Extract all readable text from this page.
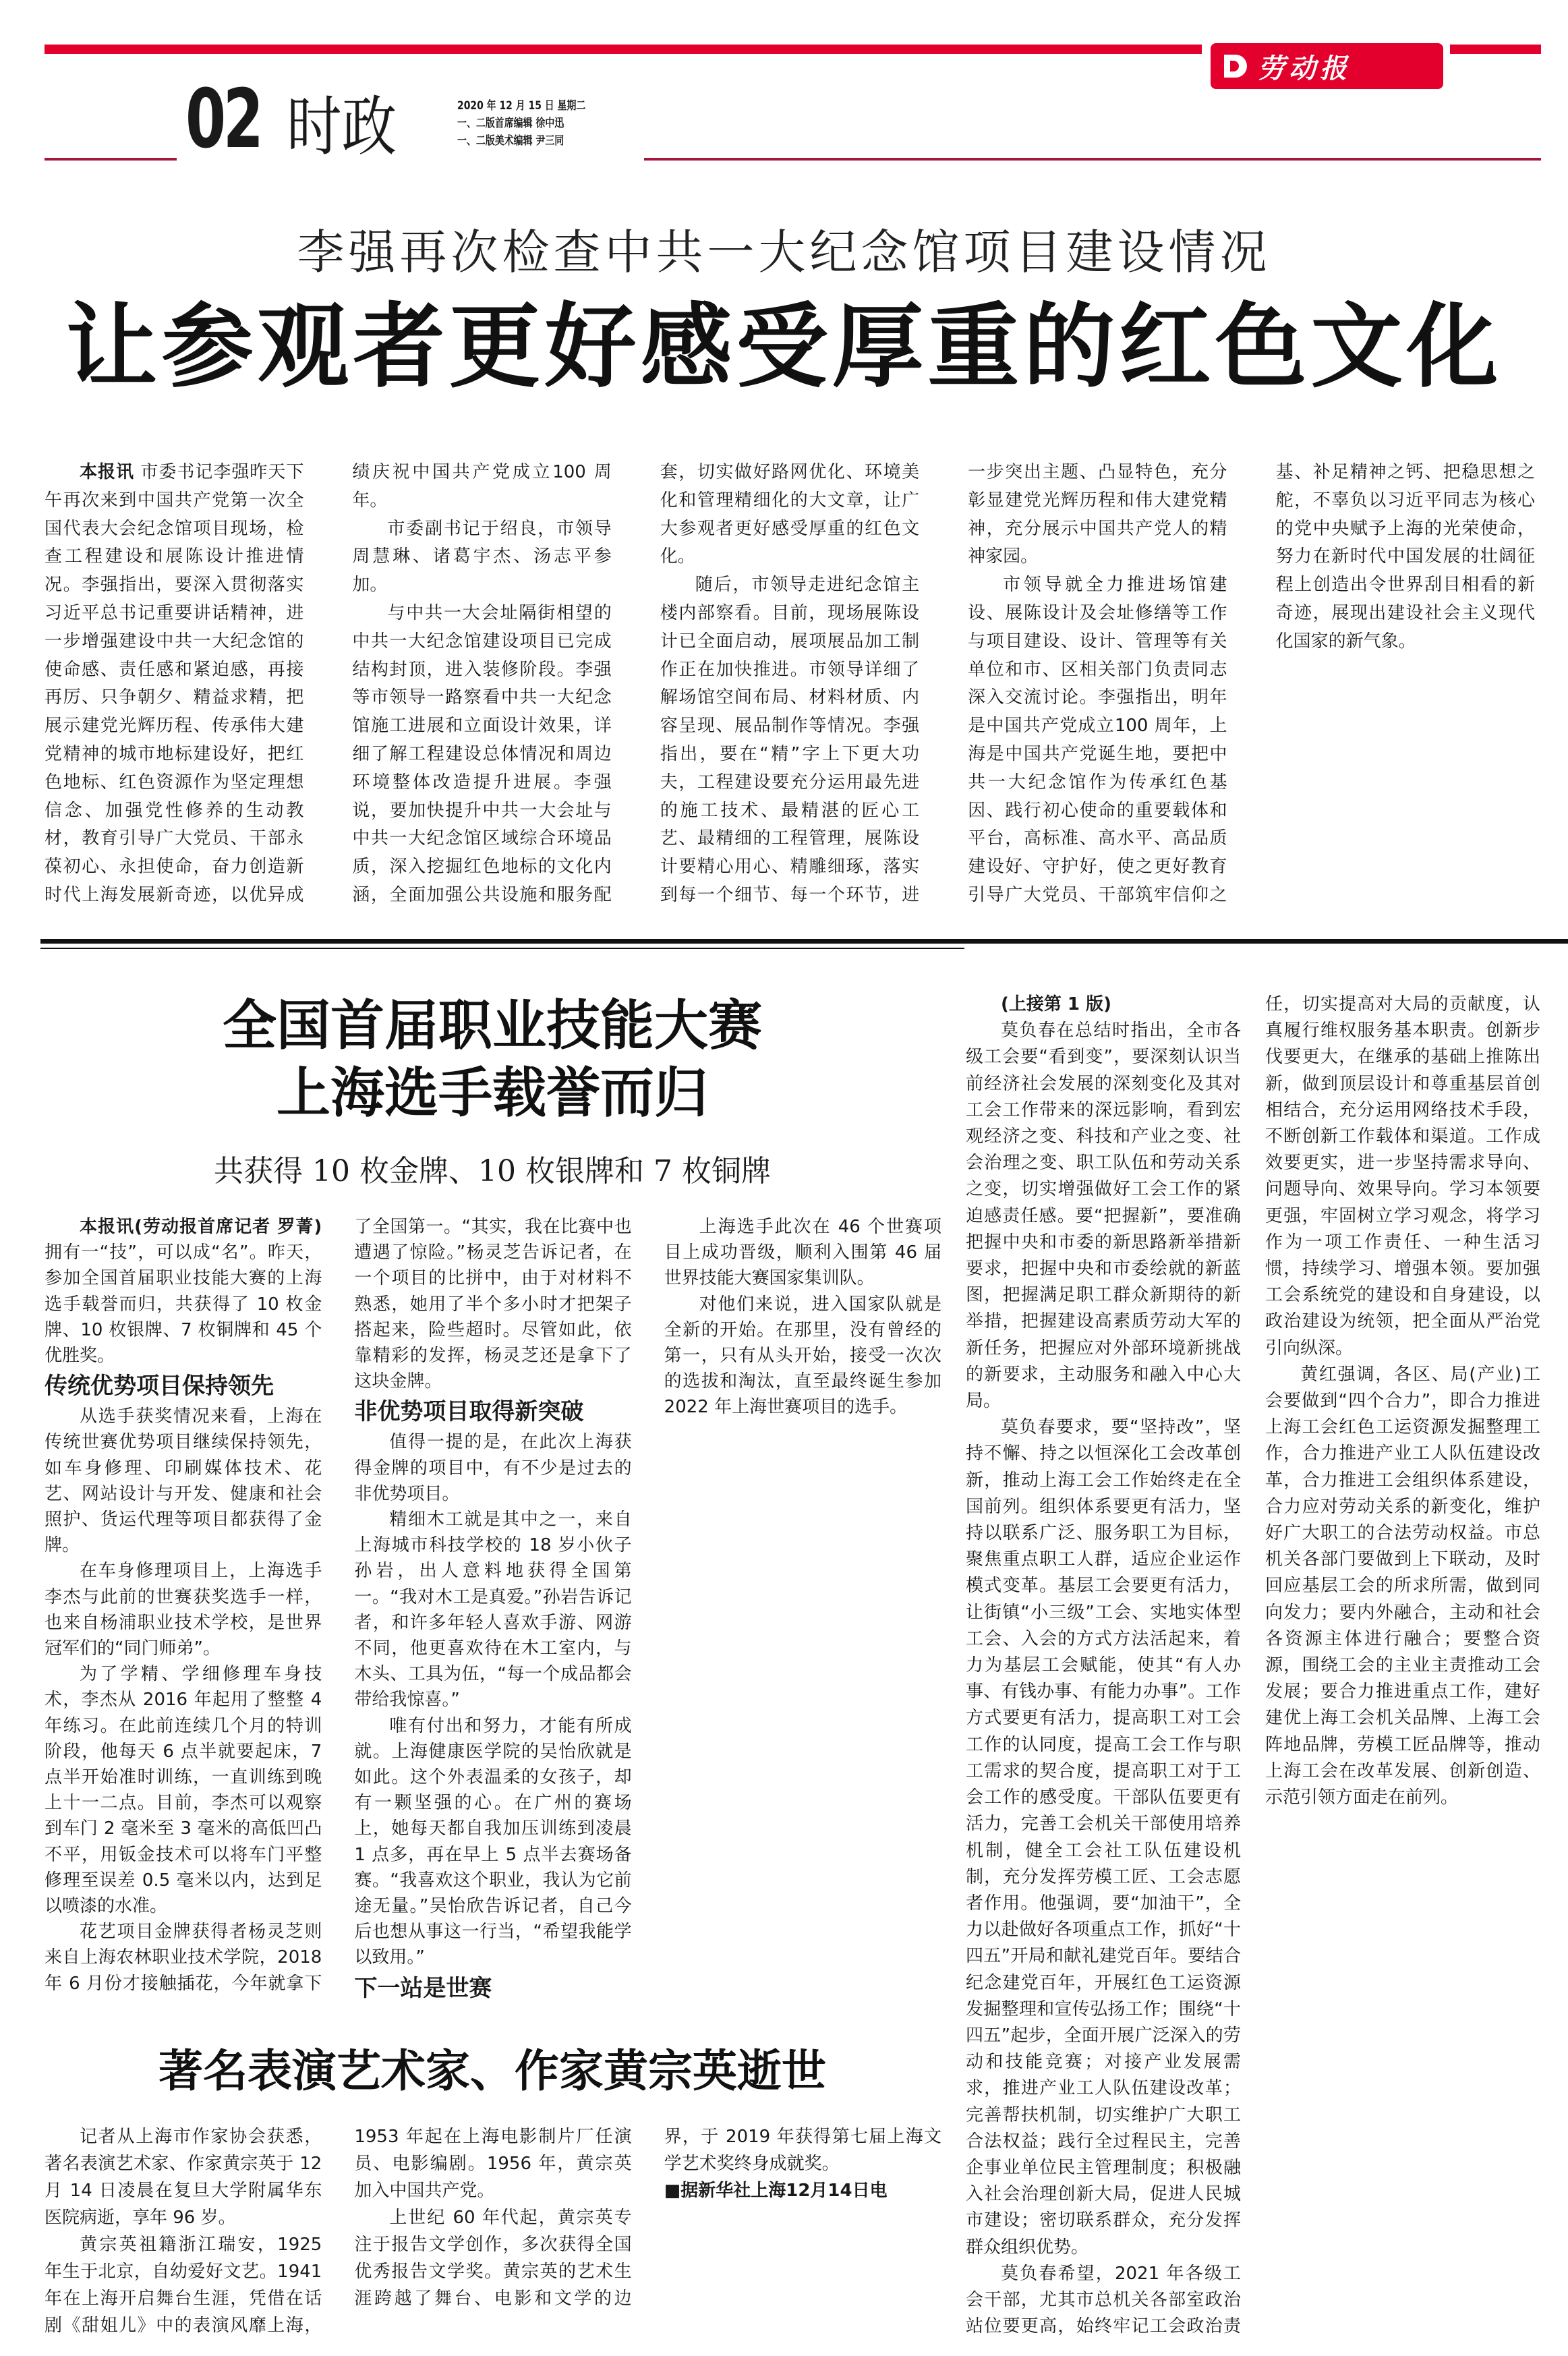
劳动报
02 时政	2020 年 12 月 15 日 星期二
一、二版首席编辑 徐中迅
一、二版美术编辑 尹三同
李强再次检查中共一大纪念馆项目建设情况
让参观者更好感受厚重的红色文化

本报讯 市委书记李强昨天下午再次来到中国共产党第一次全国代表大会纪念馆项目现场，检查工程建设和展陈设计推进情况。李强指出，要深入贯彻落实习近平总书记重要讲话精神，进一步增强建设中共一大纪念馆的使命感、责任感和紧迫感，再接再厉、只争朝夕、精益求精，把展示建党光辉历程、传承伟大建党精神的城市地标建设好，把红色地标、红色资源作为坚定理想信念、加强党性修养的生动教材，教育引导广大党员、干部永葆初心、永担使命，奋力创造新时代上海发展新奇迹，以优异成绩庆祝中国共产党成立100 周年。

市委副书记于绍良，市领导周慧琳、诸葛宇杰、汤志平参加。

与中共一大会址隔街相望的中共一大纪念馆建设项目已完成结构封顶，进入装修阶段。李强等市领导一路察看中共一大纪念馆施工进展和立面设计效果，详细了解工程建设总体情况和周边环境整体改造提升进展。李强说，要加快提升中共一大会址与中共一大纪念馆区域综合环境品质，深入挖掘红色地标的文化内涵，全面加强公共设施和服务配套，切实做好路网优化、环境美化和管理精细化的大文章，让广大参观者更好感受厚重的红色文化。

随后，市领导走进纪念馆主楼内部察看。目前，现场展陈设计已全面启动，展项展品加工制作正在加快推进。市领导详细了解场馆空间布局、材料材质、内容呈现、展品制作等情况。李强指出，要在“精”字上下更大功夫，工程建设要充分运用最先进的施工技术、最精湛的匠心工艺、最精细的工程管理，展陈设计要精心用心、精雕细琢，落实到每一个细节、每一个环节，进一步突出主题、凸显特色，充分彰显建党光辉历程和伟大建党精神，充分展示中国共产党人的精神家园。

市领导就全力推进场馆建设、展陈设计及会址修缮等工作与项目建设、设计、管理等有关单位和市、区相关部门负责同志深入交流讨论。李强指出，明年是中国共产党成立100 周年，上海是中国共产党诞生地，要把中共一大纪念馆作为传承红色基因、践行初心使命的重要载体和平台，高标准、高水平、高品质建设好、守护好，使之更好教育引导广大党员、干部筑牢信仰之基、补足精神之钙、把稳思想之舵，不辜负以习近平同志为核心的党中央赋予上海的光荣使命，努力在新时代中国发展的壮阔征程上创造出令世界刮目相看的新奇迹，展现出建设社会主义现代化国家的新气象。

全国首届职业技能大赛
上海选手载誉而归
共获得 10 枚金牌、10 枚银牌和 7 枚铜牌

本报讯(劳动报首席记者 罗菁)拥有一“技”，可以成“名”。昨天，参加全国首届职业技能大赛的上海选手载誉而归，共获得了 10 枚金牌、10 枚银牌、7 枚铜牌和 45 个优胜奖。

传统优势项目保持领先

从选手获奖情况来看，上海在传统世赛优势项目继续保持领先，如车身修理、印刷媒体技术、花艺、网站设计与开发、健康和社会照护、货运代理等项目都获得了金牌。

在车身修理项目上，上海选手李杰与此前的世赛获奖选手一样，也来自杨浦职业技术学校，是世界冠军们的“同门师弟”。

为了学精、学细修理车身技术，李杰从 2016 年起用了整整 4 年练习。在此前连续几个月的特训阶段，他每天 6 点半就要起床，7 点半开始准时训练，一直训练到晚上十一二点。目前，李杰可以观察到车门 2 毫米至 3 毫米的高低凹凸不平，用钣金技术可以将车门平整修理至误差 0.5 毫米以内，达到足以喷漆的水准。

花艺项目金牌获得者杨灵芝则来自上海农林职业技术学院，2018 年 6 月份才接触插花，今年就拿下了全国第一。“其实，我在比赛中也遭遇了惊险。”杨灵芝告诉记者，在一个项目的比拼中，由于对材料不熟悉，她用了半个多小时才把架子搭起来，险些超时。尽管如此，依靠精彩的发挥，杨灵芝还是拿下了这块金牌。

非优势项目取得新突破

值得一提的是，在此次上海获得金牌的项目中，有不少是过去的非优势项目。

精细木工就是其中之一，来自上海城市科技学校的 18 岁小伙子孙岩，出人意料地获得全国第一。“我对木工是真爱。”孙岩告诉记者，和许多年轻人喜欢手游、网游不同，他更喜欢待在木工室内，与木头、工具为伍，“每一个成品都会带给我惊喜。”

唯有付出和努力，才能有所成就。上海健康医学院的吴怡欣就是如此。这个外表温柔的女孩子，却有一颗坚强的心。在广州的赛场上，她每天都自我加压训练到凌晨 1 点多，再在早上 5 点半去赛场备赛。“我喜欢这个职业，我认为它前途无量。”吴怡欣告诉记者，自己今后也想从事这一行当，“希望我能学以致用。”

下一站是世赛

上海选手此次在 46 个世赛项目上成功晋级，顺利入围第 46 届世界技能大赛国家集训队。

对他们来说，进入国家队就是全新的开始。在那里，没有曾经的第一，只有从头开始，接受一次次的选拔和淘汰，直至最终诞生参加 2022 年上海世赛项目的选手。

著名表演艺术家、作家黄宗英逝世

记者从上海市作家协会获悉，著名表演艺术家、作家黄宗英于 12 月 14 日凌晨在复旦大学附属华东医院病逝，享年 96 岁。

黄宗英祖籍浙江瑞安，1925 年生于北京，自幼爱好文艺。1941 年在上海开启舞台生涯，凭借在话剧《甜姐儿》中的表演风靡上海，1953 年起在上海电影制片厂任演员、电影编剧。1956 年，黄宗英加入中国共产党。

上世纪 60 年代起，黄宗英专注于报告文学创作，多次获得全国优秀报告文学奖。黄宗英的艺术生涯跨越了舞台、电影和文学的边界，于 2019 年获得第七届上海文学艺术奖终身成就奖。

■据新华社上海12月14日电

(上接第 1 版)

莫负春在总结时指出，全市各级工会要“看到变”，要深刻认识当前经济社会发展的深刻变化及其对工会工作带来的深远影响，看到宏观经济之变、科技和产业之变、社会治理之变、职工队伍和劳动关系之变，切实增强做好工会工作的紧迫感责任感。要“把握新”，要准确把握中央和市委的新思路新举措新要求，把握中央和市委绘就的新蓝图，把握满足职工群众新期待的新举措，把握建设高素质劳动大军的新任务，把握应对外部环境新挑战的新要求，主动服务和融入中心大局。

莫负春要求，要“坚持改”，坚持不懈、持之以恒深化工会改革创新，推动上海工会工作始终走在全国前列。组织体系要更有活力，坚持以联系广泛、服务职工为目标，聚焦重点职工人群，适应企业运作模式变革。基层工会要更有活力，让街镇“小三级”工会、实地实体型工会、入会的方式方法活起来，着力为基层工会赋能，使其“有人办事、有钱办事、有能力办事”。工作方式要更有活力，提高职工对工会工作的认同度，提高工会工作与职工需求的契合度，提高职工对于工会工作的感受度。干部队伍要更有活力，完善工会机关干部使用培养机制，健全工会社工队伍建设机制，充分发挥劳模工匠、工会志愿者作用。他强调，要“加油干”，全力以赴做好各项重点工作，抓好“十四五”开局和献礼建党百年。要结合纪念建党百年，开展红色工运资源发掘整理和宣传弘扬工作；围绕“十四五”起步，全面开展广泛深入的劳动和技能竞赛；对接产业发展需求，推进产业工人队伍建设改革；完善帮扶机制，切实维护广大职工合法权益；践行全过程民主，完善企事业单位民主管理制度；积极融入社会治理创新大局，促进人民城市建设；密切联系群众，充分发挥群众组织优势。

莫负春希望，2021 年各级工会干部，尤其市总机关各部室政治站位要更高，始终牢记工会政治责任，切实提高对大局的贡献度，认真履行维权服务基本职责。创新步伐要更大，在继承的基础上推陈出新，做到顶层设计和尊重基层首创相结合，充分运用网络技术手段，不断创新工作载体和渠道。工作成效要更实，进一步坚持需求导向、问题导向、效果导向。学习本领要更强，牢固树立学习观念，将学习作为一项工作责任、一种生活习惯，持续学习、增强本领。要加强工会系统党的建设和自身建设，以政治建设为统领，把全面从严治党引向纵深。

黄红强调，各区、局(产业)工会要做到“四个合力”，即合力推进上海工会红色工运资源发掘整理工作，合力推进产业工人队伍建设改革，合力推进工会组织体系建设，合力应对劳动关系的新变化，维护好广大职工的合法劳动权益。市总机关各部门要做到上下联动，及时回应基层工会的所求所需，做到同向发力；要内外融合，主动和社会各资源主体进行融合；要整合资源，围绕工会的主业主责推动工会发展；要合力推进重点工作，建好建优上海工会机关品牌、上海工会阵地品牌，劳模工匠品牌等，推动上海工会在改革发展、创新创造、示范引领方面走在前列。
